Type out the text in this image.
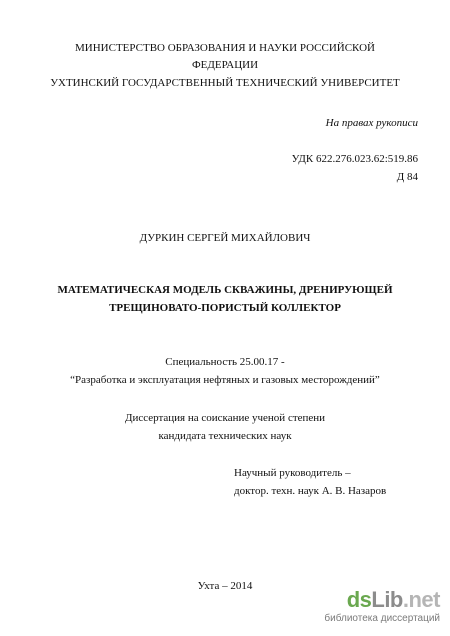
МИНИСТЕРСТВО ОБРАЗОВАНИЯ И НАУКИ РОССИЙСКОЙ
ФЕДЕРАЦИИ
УХТИНСКИЙ ГОСУДАРСТВЕННЫЙ ТЕХНИЧЕСКИЙ УНИВЕРСИТЕТ
На правах рукописи
УДК 622.276.023.62:519.86
Д 84
ДУРКИН СЕРГЕЙ МИХАЙЛОВИЧ
МАТЕМАТИЧЕСКАЯ МОДЕЛЬ СКВАЖИНЫ, ДРЕНИРУЮЩЕЙ
ТРЕЩИНОВАТО-ПОРИСТЫЙ КОЛЛЕКТОР
Специальность 25.00.17 -
“Разработка и эксплуатация нефтяных и газовых месторождений”
Диссертация на соискание ученой степени
кандидата технических наук
Научный руководитель –
доктор. техн. наук А. В. Назаров
Ухта – 2014
dsLib.net
библиотека диссертаций
